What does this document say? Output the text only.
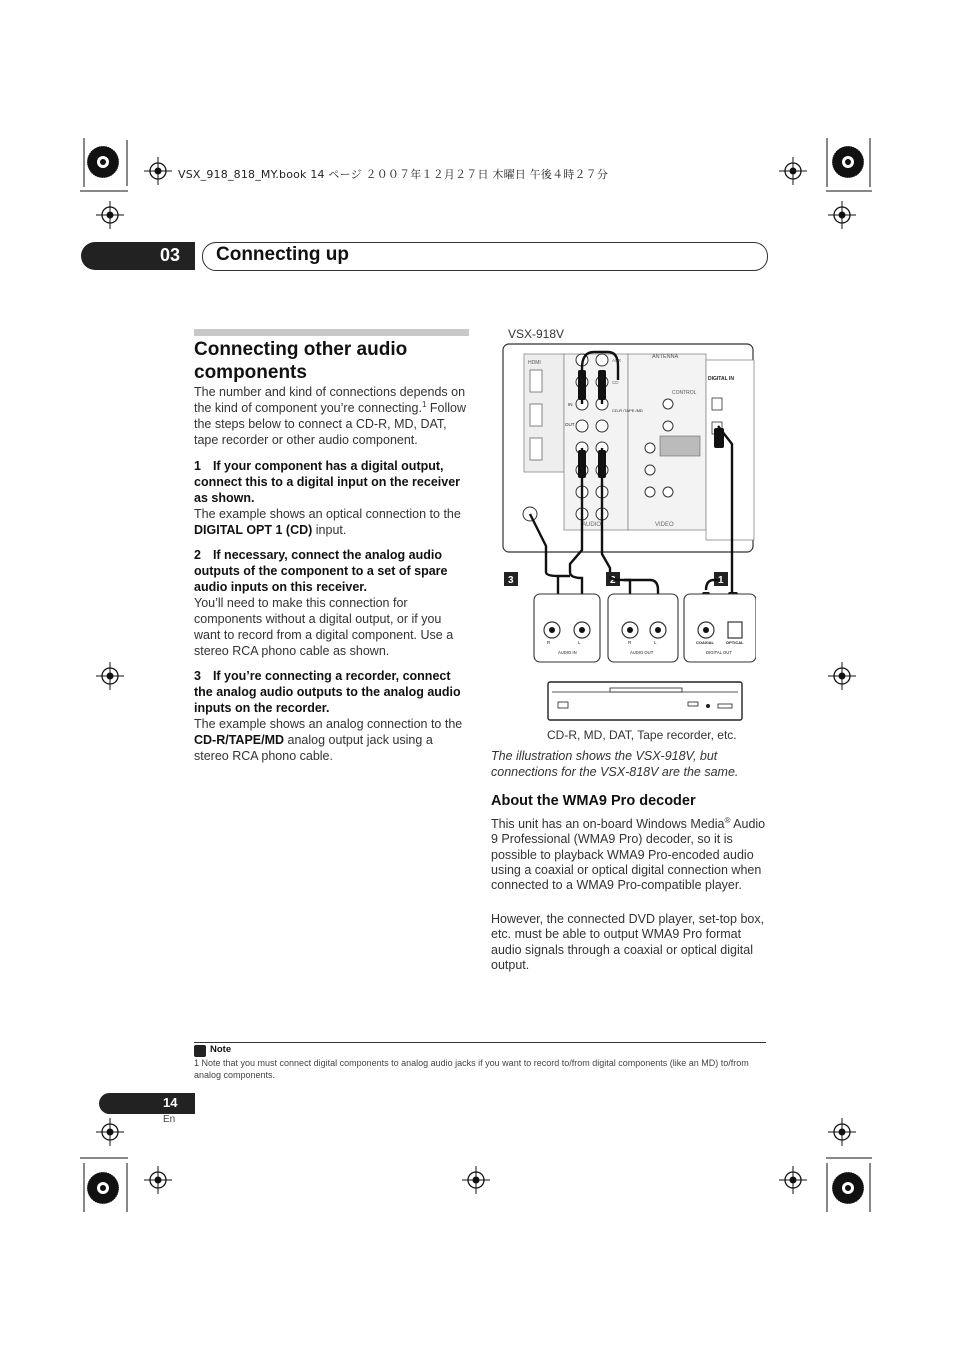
VSX_918_818_MY.book 14 ページ ２００７年１２月２７日 木曜日 午後４時２７分
03 Connecting up
Connecting other audio components

The number and kind of connections depends on the kind of component you’re connecting.$^1$ Follow the steps below to connect a CD-R, MD, DAT, tape recorder or other audio component.

1 If your component has a digital output, connect this to a digital input on the receiver as shown.

The example shows an optical connection to the DIGITAL OPT 1 (CD) input.

2 If necessary, connect the analog audio outputs of the component to a set of spare audio inputs on this receiver.

You’ll need to make this connection for components without a digital output, or if you want to record from a digital component. Use a stereo RCA phono cable as shown.

3 If you’re connecting a recorder, connect the analog audio outputs to the analog audio inputs on the recorder.

The example shows an analog connection to the CD-R/TAPE/MD analog output jack using a stereo RCA phono cable.

VSX-918V
HDMI
ANTENNA
CONTROL
DIGITAL IN
AUDIO	VIDEO
AUX
CD
IN
OUT
CD-R /TAPE /MD
3	2	1
R	L	R	L
AUDIO IN	AUDIO OUT
COAXIAL	OPTICAL
DIGITAL OUT
CD-R, MD, DAT, Tape recorder, etc.

The illustration shows the VSX-918V, but connections for the VSX-818V are the same.

About the WMA9 Pro decoder

This unit has an on-board Windows Media® Audio 9 Professional (WMA9 Pro) decoder, so it is possible to playback WMA9 Pro-encoded audio using a coaxial or optical digital connection when connected to a WMA9 Pro-compatible player.

However, the connected DVD player, set-top box, etc. must be able to output WMA9 Pro format audio signals through a coaxial or optical digital output.

Note

1 Note that you must connect digital components to analog audio jacks if you want to record to/from digital components (like an MD) to/from analog components.

14
En
